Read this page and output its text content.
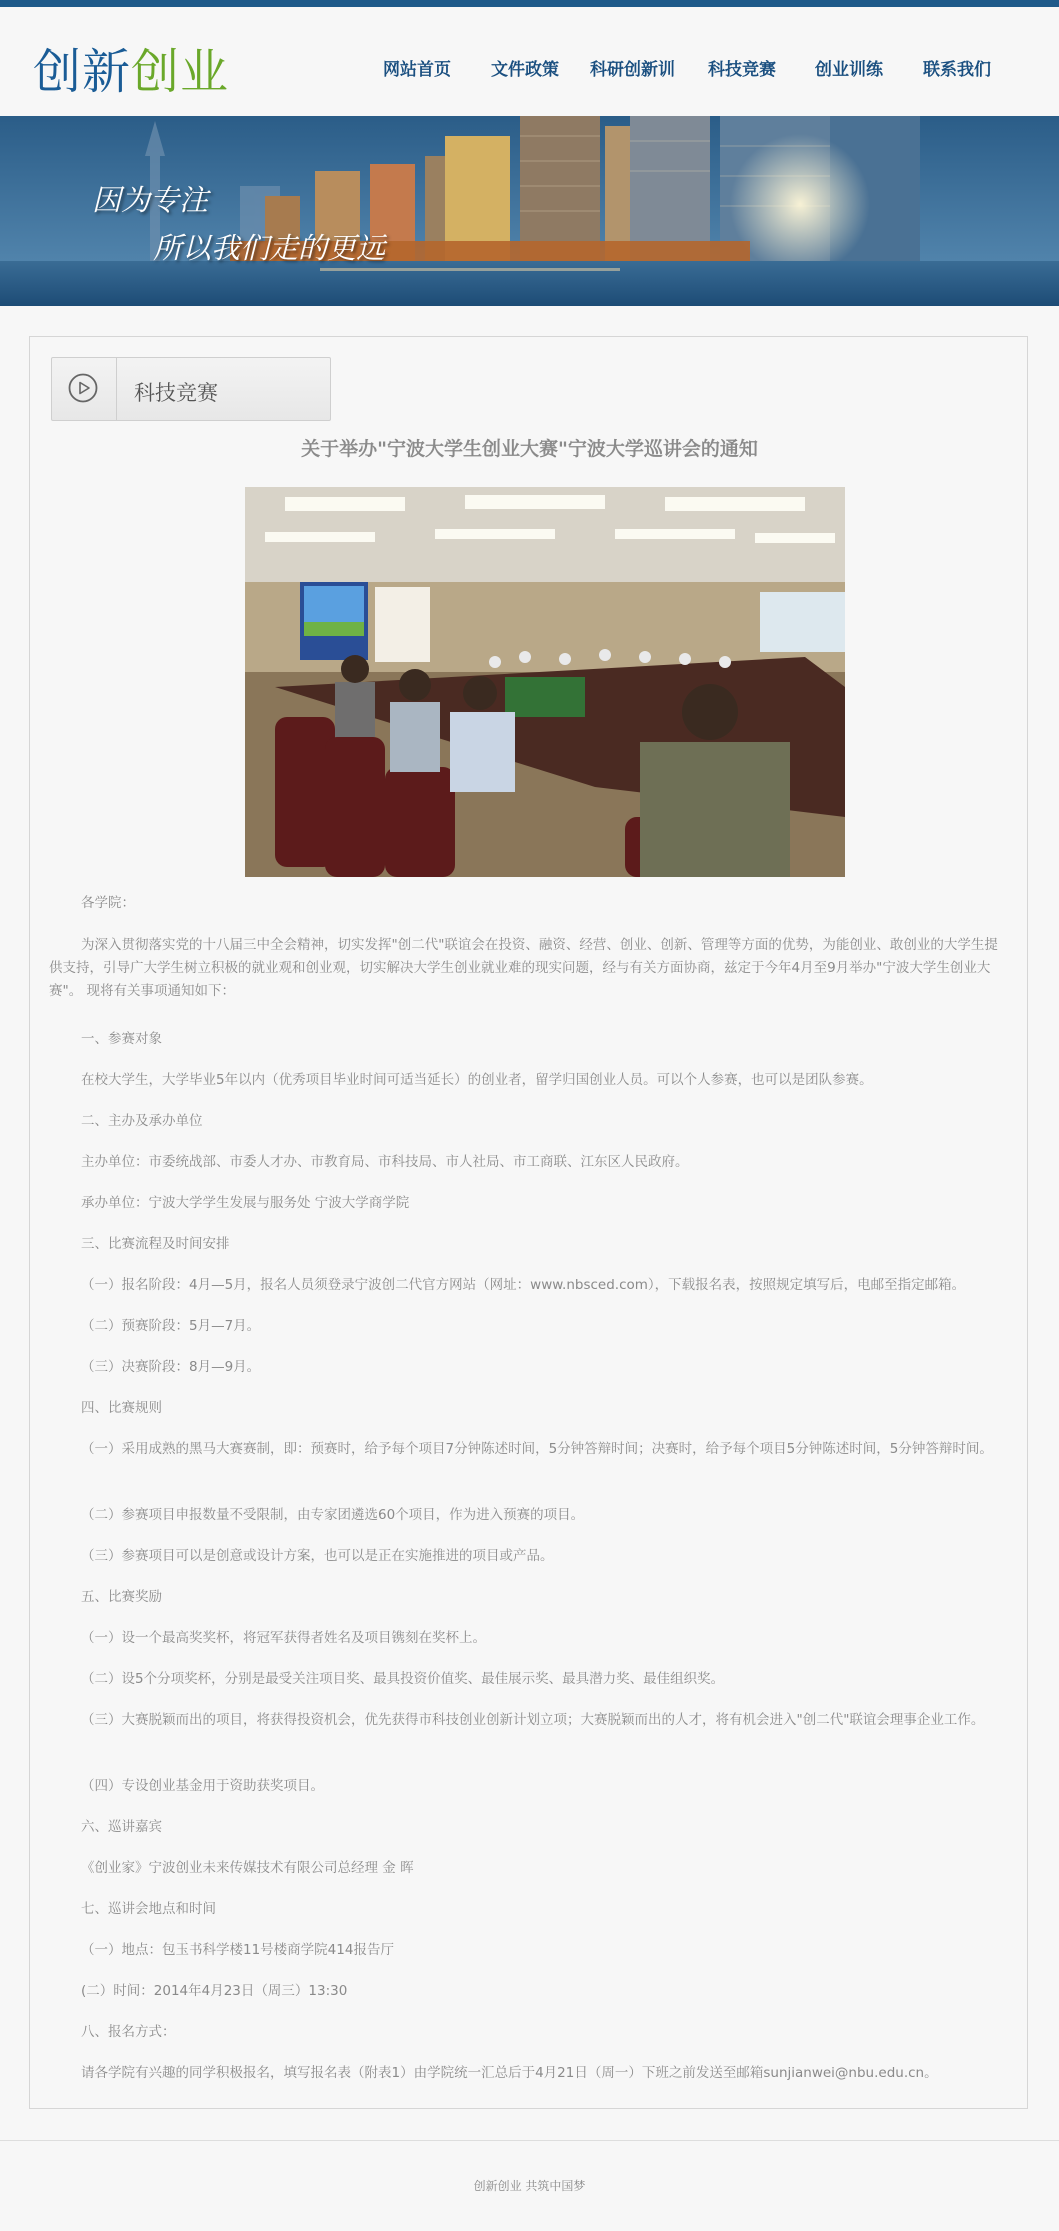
创新创业	网站首页 文件政策 科研创新训 科技竞赛 创业训练 联系我们
因为专注
所以我们走的更远
科技竞赛
关于举办"宁波大学生创业大赛"宁波大学巡讲会的通知

各学院：

为深入贯彻落实党的十八届三中全会精神，切实发挥"创二代"联谊会在投资、融资、经营、创业、创新、管理等方面的优势，为能创业、敢创业的大学生提供支持，引导广大学生树立积极的就业观和创业观，切实解决大学生创业就业难的现实问题，经与有关方面协商，兹定于今年4月至9月举办"宁波大学生创业大赛"。 现将有关事项通知如下：

一、参赛对象

在校大学生，大学毕业5年以内（优秀项目毕业时间可适当延长）的创业者，留学归国创业人员。可以个人参赛，也可以是团队参赛。

二、主办及承办单位

主办单位：市委统战部、市委人才办、市教育局、市科技局、市人社局、市工商联、江东区人民政府。

承办单位：宁波大学学生发展与服务处 宁波大学商学院

三、比赛流程及时间安排

（一）报名阶段：4月—5月，报名人员须登录宁波创二代官方网站（网址：www.nbsced.com），下载报名表，按照规定填写后，电邮至指定邮箱。

（二）预赛阶段：5月—7月。

（三）决赛阶段：8月—9月。

四、比赛规则

（一）采用成熟的黑马大赛赛制，即：预赛时，给予每个项目7分钟陈述时间，5分钟答辩时间；决赛时，给予每个项目5分钟陈述时间，5分钟答辩时间。

（二）参赛项目申报数量不受限制，由专家团遴选60个项目，作为进入预赛的项目。

（三）参赛项目可以是创意或设计方案，也可以是正在实施推进的项目或产品。

五、比赛奖励

（一）设一个最高奖奖杯，将冠军获得者姓名及项目镌刻在奖杯上。

（二）设5个分项奖杯，分别是最受关注项目奖、最具投资价值奖、最佳展示奖、最具潜力奖、最佳组织奖。

（三）大赛脱颖而出的项目，将获得投资机会，优先获得市科技创业创新计划立项；大赛脱颖而出的人才，将有机会进入"创二代"联谊会理事企业工作。

（四）专设创业基金用于资助获奖项目。

六、巡讲嘉宾

《创业家》宁波创业未来传媒技术有限公司总经理 金 晖

七、巡讲会地点和时间

（一）地点：包玉书科学楼11号楼商学院414报告厅

(二）时间：2014年4月23日（周三）13:30

八、报名方式：

请各学院有兴趣的同学积极报名，填写报名表（附表1）由学院统一汇总后于4月21日（周一）下班之前发送至邮箱sunjianwei@nbu.edu.cn。

创新创业 共筑中国梦
